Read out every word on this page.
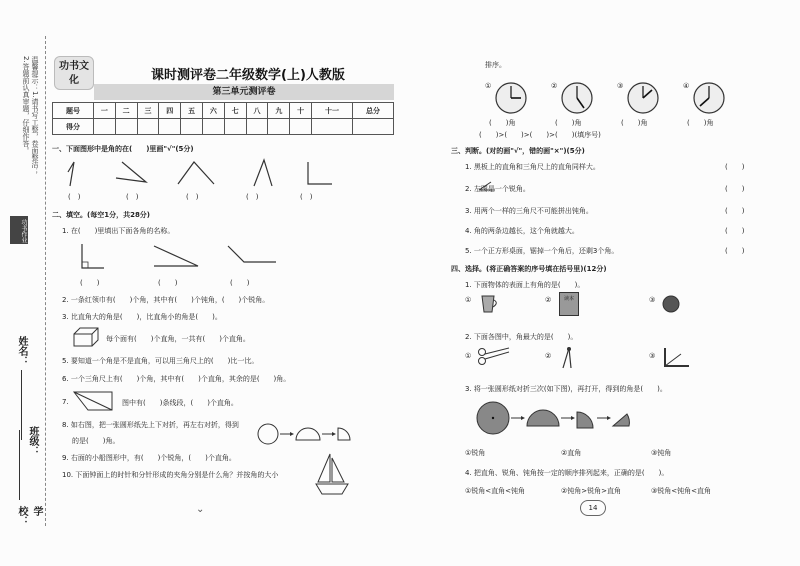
温馨提示：1.请书写工整，卷面整洁；2.答题前认真审题，仔细作答。
功书作业
姓名：
班级：
学校：
功书文化	课时测评卷二年级数学(上)人教版
第三单元测评卷
题号	一	二	三	四	五	六	七	八	九	十	十一	总分
得分												
一、下面图形中是角的在(　　)里画"√"(5分)
(　)	(　)	(　)	(　)	(　)
二、填空。(每空1分，共28分)
1. 在(　　)里填出下面各角的名称。
(　　)	(　　)	(　　)
2. 一条红领巾有(　　)个角，其中有(　　)个钝角，(　　)个锐角。
3. 比直角大的角是(　　)，比直角小的角是(　　)。
每个面有(　　)个直角，一共有(　　)个直角。
5. 要知道一个角是不是直角，可以用三角尺上的(　　)比一比。
6. 一个三角尺上有(　　)个角，其中有(　　)个直角，其余的是(　　)角。
7.	图中有(　　)条线段，(　　)个直角。
8. 如右图，把一张圆形纸先上下对折，再左右对折，得到
的是(　　)角。
9. 右面的小船图形中，有(　　)个锐角，(　　)个直角。
10. 下面钟面上的时针和分针形成的夹角分别是什么角？并按角的大小
⌄
排序。
①	②	③	④
(　　)角	(　　)角	(　　)角	(　　)角
(　　)>(　　)>(　　)>(　　)(填序号)
三、判断。(对的画"√"，错的画"×")(5分)
1. 黑板上的直角和三角尺上的直角同样大。	(　　)
2. 左图是一个锐角。	(　　)
3. 用两个一样的三角尺不可能拼出钝角。	(　　)
4. 角的两条边越长，这个角就越大。	(　　)
5. 一个正方形桌面，锯掉一个角后，还剩3个角。	(　　)
四、选择。(将正确答案的序号填在括号里)(12分)
1. 下面物体的表面上有角的是(　　)。
①	②	读本	③
2. 下面各图中，角最大的是(　　)。
①	②	③
3. 将一张圆形纸对折三次(如下图)，再打开，得到的角是(　　)。
①锐角	②直角	③钝角
4. 把直角、锐角、钝角按一定的顺序排列起来，正确的是(　　)。
①锐角<直角<钝角	②钝角>锐角>直角	③锐角<钝角<直角
14
